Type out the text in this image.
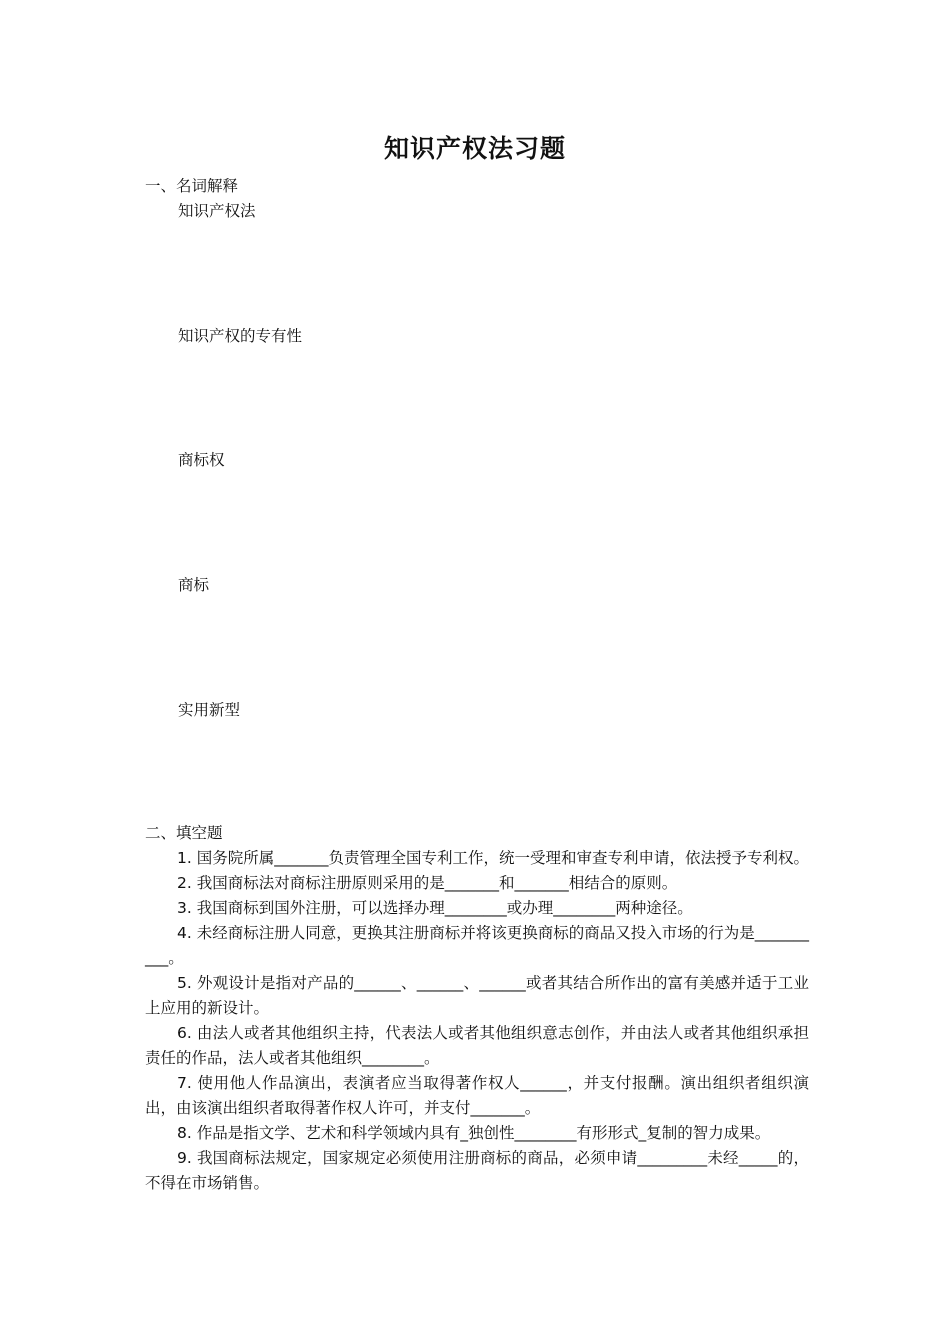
知识产权法习题
一、名词解释
知识产权法
知识产权的专有性
商标权
商标
实用新型
二、填空题

1. 国务院所属_______负责管理全国专利工作，统一受理和审查专利申请，依法授予专利权。

2. 我国商标法对商标注册原则采用的是_______和_______相结合的原则。

3. 我国商标到国外注册，可以选择办理________或办理________两种途径。

4. 未经商标注册人同意，更换其注册商标并将该更换商标的商品又投入市场的行为是__________。

5. 外观设计是指对产品的______、______、______或者其结合所作出的富有美感并适于工业上应用的新设计。

6. 由法人或者其他组织主持，代表法人或者其他组织意志创作，并由法人或者其他组织承担责任的作品，法人或者其他组织________。

7. 使用他人作品演出，表演者应当取得著作权人______，并支付报酬。演出组织者组织演出，由该演出组织者取得著作权人许可，并支付_______。

8. 作品是指文学、艺术和科学领域内具有_独创性________有形形式_复制的智力成果。

9. 我国商标法规定，国家规定必须使用注册商标的商品，必须申请_________未经_____的，不得在市场销售。
